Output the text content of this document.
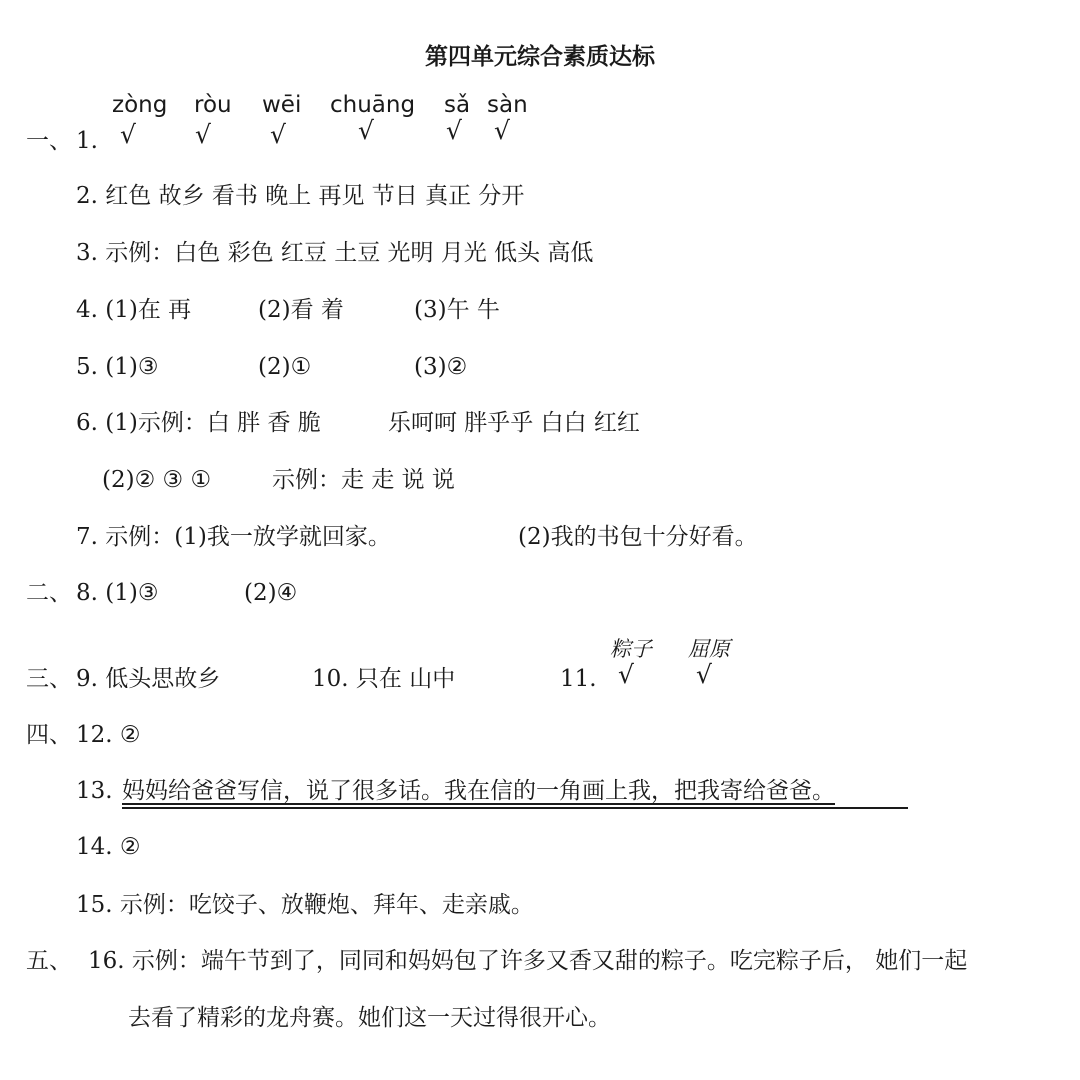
第四单元综合素质达标
zòng ròu wēi chuāng sǎ sàn
一、 1. √ √ √	√	√ √
2. 红色 故乡 看书 晚上 再见 节日 真正 分开
3. 示例：白色 彩色 红豆 土豆 光明 月光 低头 高低
4. (1)在 再	(2)看 着	(3)午 牛
5. (1)③	(2)①	(3)②
6. (1)示例：白 胖 香 脆	乐呵呵 胖乎乎 白白 红红
(2)② ③ ①	示例：走 走 说 说
7. 示例：(1)我一放学就回家。	(2)我的书包十分好看。
二、 8. (1)③	(2)④
粽子 屈原
三、 9. 低头思故乡	10. 只在 山中	11. √ √
四、 12. ②
13. 妈妈给爸爸写信，说了很多话。我在信的一角画上我，把我寄给爸爸。
14. ②
15. 示例：吃饺子、放鞭炮、拜年、走亲戚。
五、 16. 示例：端午节到了，同同和妈妈包了许多又香又甜的粽子。吃完粽子后， 她们一起
去看了精彩的龙舟赛。她们这一天过得很开心。
